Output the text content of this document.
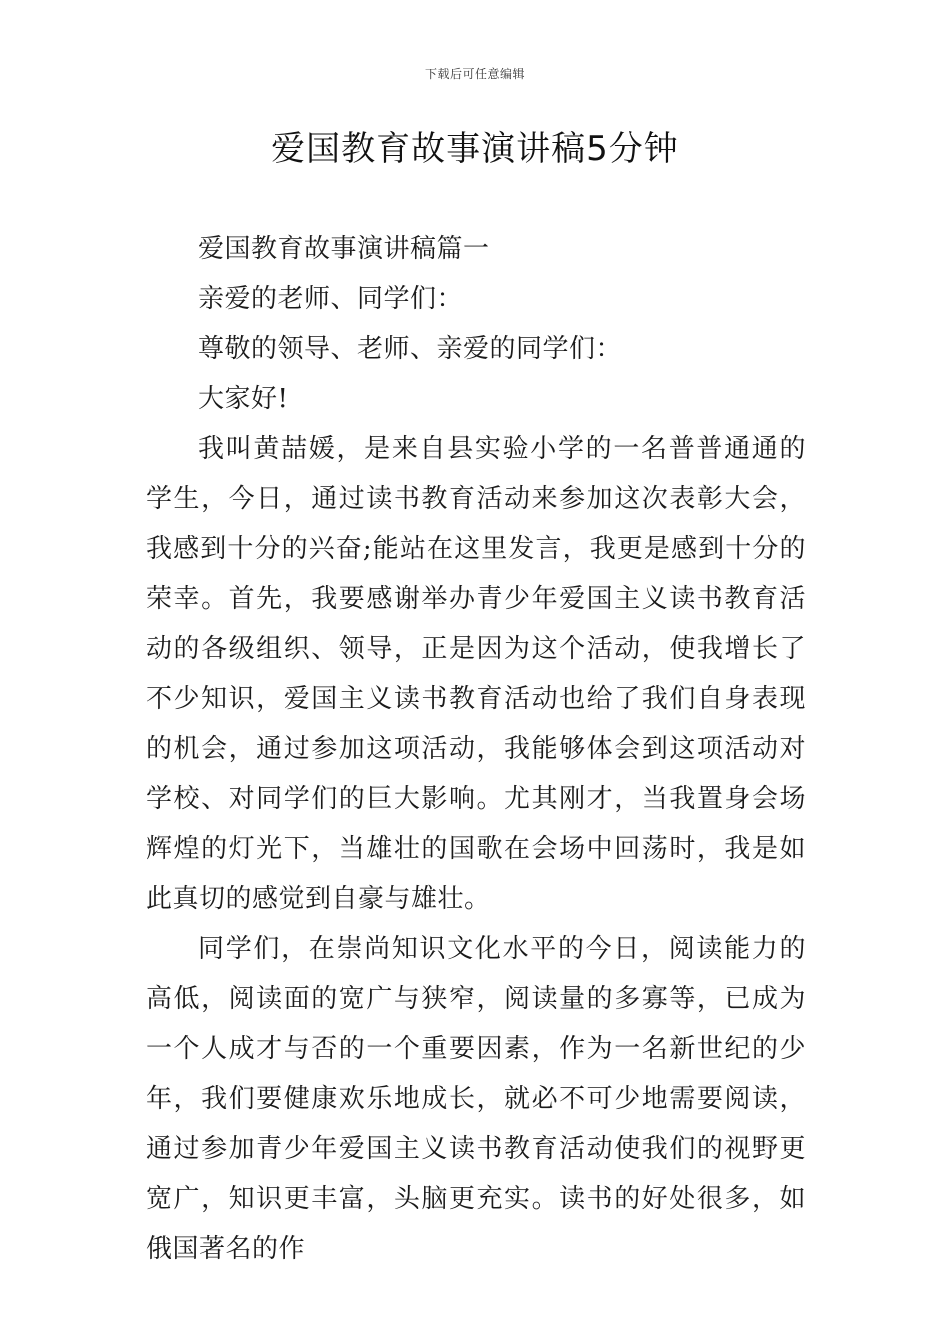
下载后可任意编辑
爱国教育故事演讲稿5分钟

爱国教育故事演讲稿篇一

亲爱的老师、同学们：

尊敬的领导、老师、亲爱的同学们：

大家好!

我叫黄喆媛，是来自县实验小学的一名普普通通的学生，今日，通过读书教育活动来参加这次表彰大会，我感到十分的兴奋;能站在这里发言，我更是感到十分的荣幸。首先，我要感谢举办青少年爱国主义读书教育活动的各级组织、领导，正是因为这个活动，使我增长了不少知识，爱国主义读书教育活动也给了我们自身表现的机会，通过参加这项活动，我能够体会到这项活动对学校、对同学们的巨大影响。尤其刚才，当我置身会场辉煌的灯光下，当雄壮的国歌在会场中回荡时，我是如此真切的感觉到自豪与雄壮。

同学们，在崇尚知识文化水平的今日，阅读能力的高低，阅读面的宽广与狭窄，阅读量的多寡等，已成为一个人成才与否的一个重要因素，作为一名新世纪的少年，我们要健康欢乐地成长，就必不可少地需要阅读，通过参加青少年爱国主义读书教育活动使我们的视野更宽广，知识更丰富，头脑更充实。读书的好处很多，如俄国著名的作
